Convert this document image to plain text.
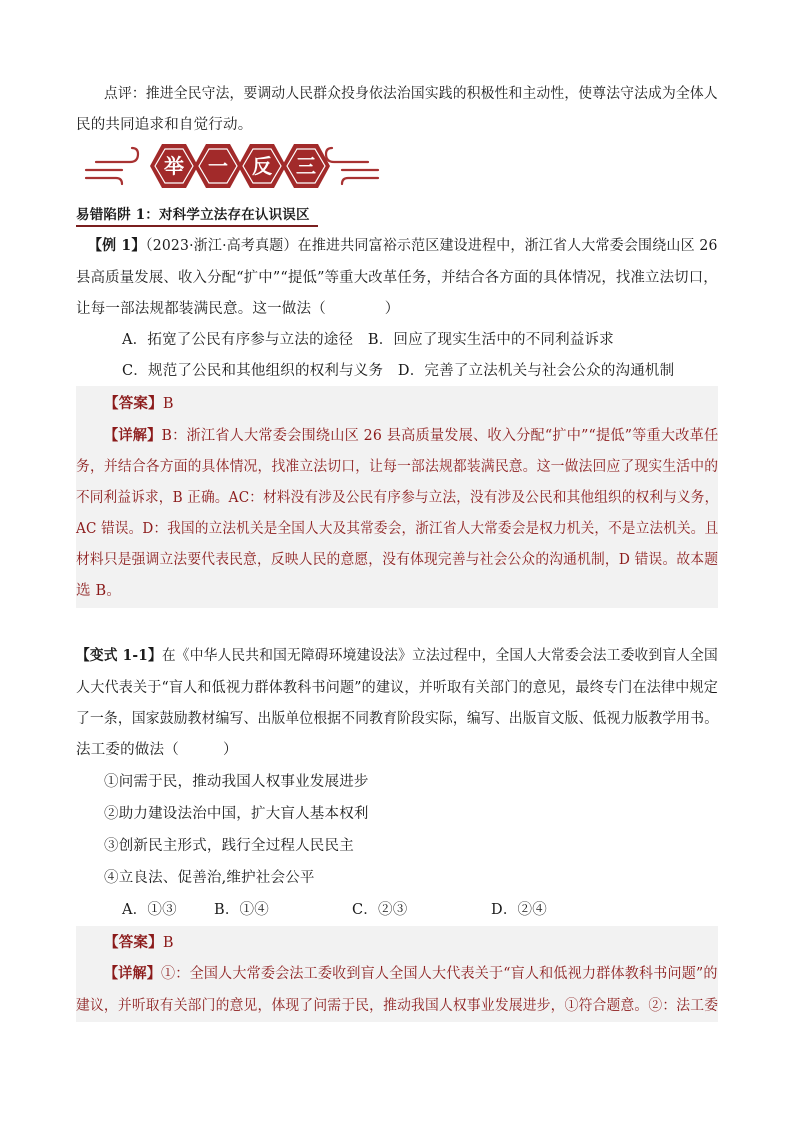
点评：推进全民守法，要调动人民群众投身依法治国实践的积极性和主动性，使尊法守法成为全体人
民的共同追求和自觉行动。
举 一 反 三
易错陷阱 1：对科学立法存在认识误区
【例 1】（2023·浙江·高考真题）在推进共同富裕示范区建设进程中，浙江省人大常委会围绕山区 26
县高质量发展、收入分配“扩中”“提低”等重大改革任务，并结合各方面的具体情况，找准立法切口，
让每一部法规都装满民意。这一做法（　　　　）
A．拓宽了公民有序参与立法的途径　B．回应了现实生活中的不同利益诉求
C．规范了公民和其他组织的权利与义务　D．完善了立法机关与社会公众的沟通机制
【答案】B
【详解】B：浙江省人大常委会围绕山区 26 县高质量发展、收入分配“扩中”“提低”等重大改革任
务，并结合各方面的具体情况，找准立法切口，让每一部法规都装满民意。这一做法回应了现实生活中的
不同利益诉求，B 正确。AC：材料没有涉及公民有序参与立法，没有涉及公民和其他组织的权利与义务，
AC 错误。D：我国的立法机关是全国人大及其常委会，浙江省人大常委会是权力机关，不是立法机关。且
材料只是强调立法要代表民意，反映人民的意愿，没有体现完善与社会公众的沟通机制，D 错误。故本题
选 B。
【变式 1-1】在《中华人民共和国无障碍环境建设法》立法过程中，全国人大常委会法工委收到盲人全国
人大代表关于“盲人和低视力群体教科书问题”的建议，并听取有关部门的意见，最终专门在法律中规定
了一条，国家鼓励教材编写、出版单位根据不同教育阶段实际，编写、出版盲文版、低视力版教学用书。
法工委的做法（　　　）
①问需于民，推动我国人权事业发展进步
②助力建设法治中国，扩大盲人基本权利
③创新民主形式，践行全过程人民民主
④立良法、促善治,维护社会公平
A．①③	B．①④	C．②③	D．②④
【答案】B
【详解】①：全国人大常委会法工委收到盲人全国人大代表关于“盲人和低视力群体教科书问题”的
建议，并听取有关部门的意见，体现了问需于民，推动我国人权事业发展进步，①符合题意。②：法工委
